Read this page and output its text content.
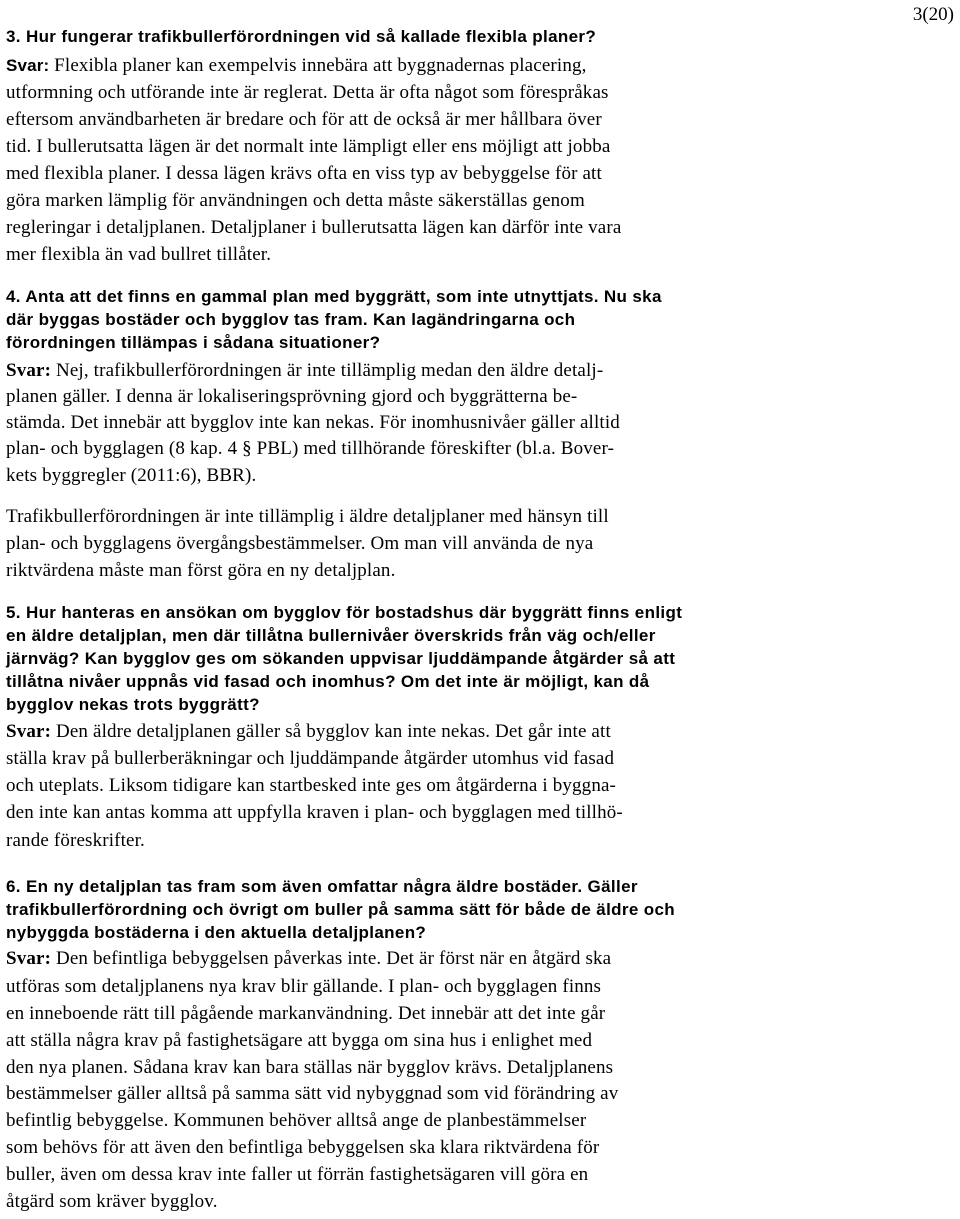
3(20)
3. Hur fungerar trafikbullerförordningen vid så kallade flexibla planer?
Svar: Flexibla planer kan exempelvis innebära att byggnadernas placering,
utformning och utförande inte är reglerat. Detta är ofta något som förespråkas
eftersom användbarheten är bredare och för att de också är mer hållbara över
tid. I bullerutsatta lägen är det normalt inte lämpligt eller ens möjligt att jobba
med flexibla planer. I dessa lägen krävs ofta en viss typ av bebyggelse för att
göra marken lämplig för användningen och detta måste säkerställas genom
regleringar i detaljplanen. Detaljplaner i bullerutsatta lägen kan därför inte vara
mer flexibla än vad bullret tillåter.
4. Anta att det finns en gammal plan med byggrätt, som inte utnyttjats. Nu ska
där byggas bostäder och bygglov tas fram. Kan lagändringarna och
förordningen tillämpas i sådana situationer?
Svar: Nej, trafikbullerförordningen är inte tillämplig medan den äldre detalj-
planen gäller. I denna är lokaliseringsprövning gjord och byggrätterna be-
stämda. Det innebär att bygglov inte kan nekas. För inomhusnivåer gäller alltid
plan- och bygglagen (8 kap. 4 § PBL) med tillhörande föreskifter (bl.a. Bover-
kets byggregler (2011:6), BBR).
Trafikbullerförordningen är inte tillämplig i äldre detaljplaner med hänsyn till
plan- och bygglagens övergångsbestämmelser. Om man vill använda de nya
riktvärdena måste man först göra en ny detaljplan.
5. Hur hanteras en ansökan om bygglov för bostadshus där byggrätt finns enligt
en äldre detaljplan, men där tillåtna bullernivåer överskrids från väg och/eller
järnväg? Kan bygglov ges om sökanden uppvisar ljuddämpande åtgärder så att
tillåtna nivåer uppnås vid fasad och inomhus? Om det inte är möjligt, kan då
bygglov nekas trots byggrätt?
Svar: Den äldre detaljplanen gäller så bygglov kan inte nekas. Det går inte att
ställa krav på bullerberäkningar och ljuddämpande åtgärder utomhus vid fasad
och uteplats. Liksom tidigare kan startbesked inte ges om åtgärderna i byggna-
den inte kan antas komma att uppfylla kraven i plan- och bygglagen med tillhö-
rande föreskrifter.
6. En ny detaljplan tas fram som även omfattar några äldre bostäder. Gäller
trafikbullerförordning och övrigt om buller på samma sätt för både de äldre och
nybyggda bostäderna i den aktuella detaljplanen?
Svar: Den befintliga bebyggelsen påverkas inte. Det är först när en åtgärd ska
utföras som detaljplanens nya krav blir gällande. I plan- och bygglagen finns
en inneboende rätt till pågående markanvändning. Det innebär att det inte går
att ställa några krav på fastighetsägare att bygga om sina hus i enlighet med
den nya planen. Sådana krav kan bara ställas när bygglov krävs. Detaljplanens
bestämmelser gäller alltså på samma sätt vid nybyggnad som vid förändring av
befintlig bebyggelse. Kommunen behöver alltså ange de planbestämmelser
som behövs för att även den befintliga bebyggelsen ska klara riktvärdena för
buller, även om dessa krav inte faller ut förrän fastighetsägaren vill göra en
åtgärd som kräver bygglov.
